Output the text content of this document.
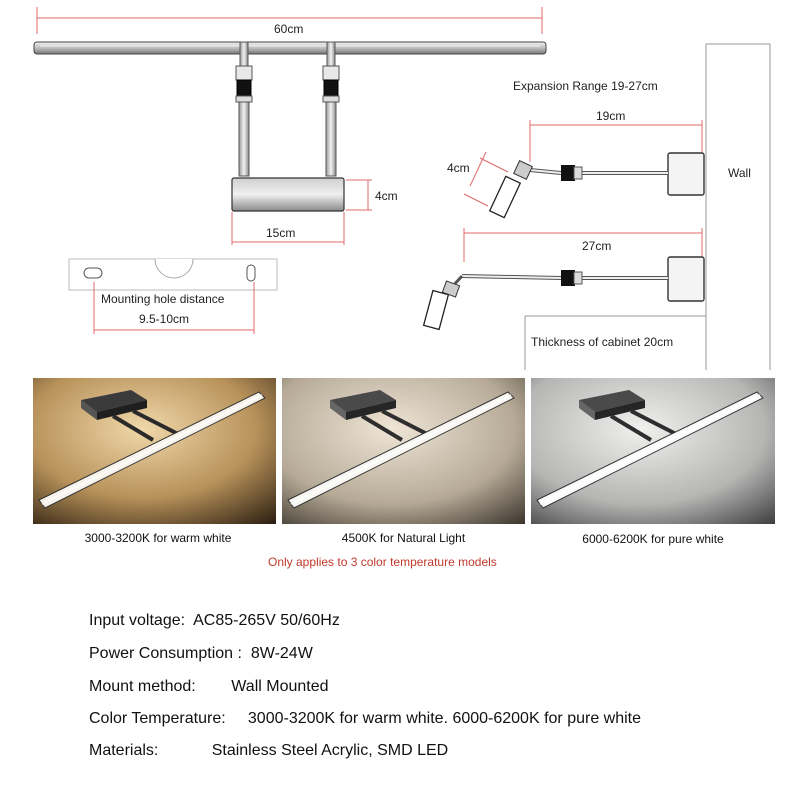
60cm
4cm
15cm
Mounting hole distance
9.5-10cm
Expansion Range 19-27cm
19cm
4cm
27cm
Wall
Thickness of cabinet 20cm
3000-3200K for warm white	4500K for Natural Light	6000-6200K for pure white
Only applies to 3 color temperature models
Input voltage: AC85-265V 50/60Hz
Power Consumption : 8W-24W
Mount method: Wall Mounted
Color Temperature: 3000-3200K for warm white. 6000-6200K for pure white
Materials:	Stainless Steel Acrylic, SMD LED
